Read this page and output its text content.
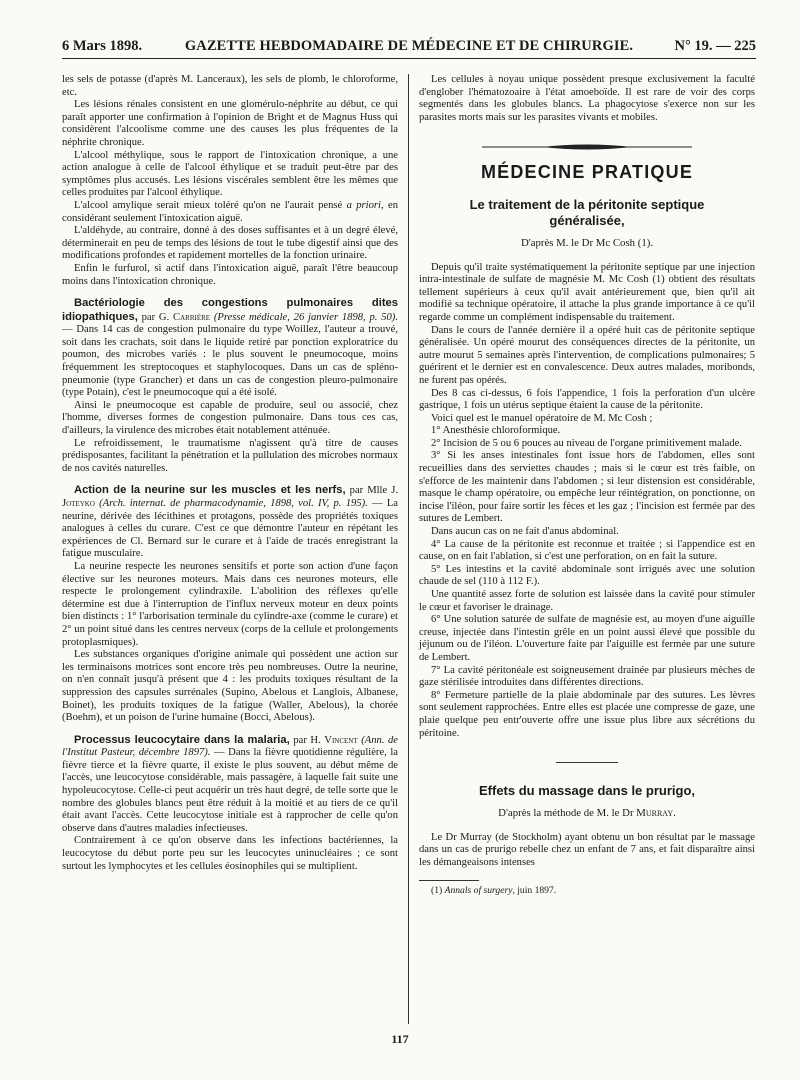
6 Mars 1898.	GAZETTE HEBDOMADAIRE DE MÉDECINE ET DE CHIRURGIE.	N° 19. — 225

les sels de potasse (d'après M. Lanceraux), les sels de plomb, le chloroforme, etc.

Les lésions rénales consistent en une glomérulo-néphrite au début, ce qui paraît apporter une confirmation à l'opinion de Bright et de Magnus Huss qui considèrent l'alcoolisme comme une des causes les plus fréquentes de la néphrite chronique.

L'alcool méthylique, sous le rapport de l'intoxication chronique, a une action analogue à celle de l'alcool éthylique et se traduit peut-être par des symptômes plus accusés. Les lésions viscérales semblent être les mêmes que celles produites par l'alcool éthylique.

L'alcool amylique serait mieux toléré qu'on ne l'aurait pensé a priori, en considérant seulement l'intoxication aiguë.

L'aldéhyde, au contraire, donné à des doses suffisantes et à un degré élevé, déterminerait en peu de temps des lésions de tout le tube digestif ainsi que des modifications profondes et rapidement mortelles de la fonction urinaire.

Enfin le furfurol, si actif dans l'intoxication aiguë, paraît l'être beaucoup moins dans l'intoxication chronique.

Bactériologie des congestions pulmonaires dites idiopathiques, par G. Carrière (Presse médicale, 26 janvier 1898, p. 50). — Dans 14 cas de congestion pulmonaire du type Woillez, l'auteur a trouvé, soit dans les crachats, soit dans le liquide retiré par ponction exploratrice du poumon, des microbes variés : le plus souvent le pneumocoque, moins fréquemment les streptocoques et staphylocoques. Dans un cas de spléno-pneumonie (type Grancher) et dans un cas de congestion pleuro-pulmonaire (type Potain), c'est le pneumocoque qui a été isolé.

Ainsi le pneumocoque est capable de produire, seul ou associé, chez l'homme, diverses formes de congestion pulmonaire. Dans tous ces cas, d'ailleurs, la virulence des microbes était notablement atténuée.

Le refroidissement, le traumatisme n'agissent qu'à titre de causes prédisposantes, facilitant la pénétration et la pullulation des microbes normaux de nos cavités naturelles.

Action de la neurine sur les muscles et les nerfs, par Mlle J. Joteyko (Arch. internat. de pharmacodynamie, 1898, vol. IV, p. 195). — La neurine, dérivée des lécithines et protagons, possède des propriétés toxiques analogues à celles du curare. C'est ce que démontre l'auteur en répétant les expériences de Cl. Bernard sur le curare et à l'aide de tracés enregistrant la fatigue musculaire.

La neurine respecte les neurones sensitifs et porte son action d'une façon élective sur les neurones moteurs. Mais dans ces neurones moteurs, elle respecte le prolongement cylindraxile. L'abolition des réflexes qu'elle détermine est due à l'interruption de l'influx nerveux moteur en deux points bien distincts : 1° l'arborisation terminale du cylindre-axe (comme le curare) et 2° un point situé dans les centres nerveux (corps de la cellule et prolongements protoplasmiques).

Les substances organiques d'origine animale qui possèdent une action sur les terminaisons motrices sont encore très peu nombreuses. Outre la neurine, on n'en connaît jusqu'à présent que 4 : les produits toxiques résultant de la suppression des capsules surrénales (Supino, Abelous et Langlois, Albanese, Boinet), les produits toxiques de la fatigue (Waller, Abelous), la chorée (Boehm), et un poison de l'urine humaine (Bocci, Abelous).

Processus leucocytaire dans la malaria, par H. Vincent (Ann. de l'Institut Pasteur, décembre 1897). — Dans la fièvre quotidienne régulière, la fièvre tierce et la fièvre quarte, il existe le plus souvent, au début même de l'accès, une leucocytose considérable, mais passagère, à laquelle fait suite une hypoleucocytose. Celle-ci peut acquérir un très haut degré, de telle sorte que le nombre des globules blancs peut être réduit à la moitié et au tiers de ce qu'il était avant l'accès. Cette leucocytose initiale est à rapprocher de celle qu'on observe dans d'autres maladies infectieuses.

Contrairement à ce qu'on observe dans les infections bactériennes, la leucocytose du début porte peu sur les leucocytes uninucléaires ; ce sont surtout les lymphocytes et les cellules éosinophiles qui se multiplient.

Les cellules à noyau unique possèdent presque exclusivement la faculté d'englober l'hématozoaire à l'état amoeboïde. Il est rare de voir des corps segmentés dans les globules blancs. La phagocytose s'exerce non sur les parasites morts mais sur les parasites vivants et mobiles.

MÉDECINE PRATIQUE
Le traitement de la péritonite septique généralisée,

D'après M. le Dr Mc Cosh (1).

Depuis qu'il traite systématiquement la péritonite septique par une injection intra-intestinale de sulfate de magnésie M. Mc Cosh (1) obtient des résultats tellement supérieurs à ceux qu'il avait antérieurement que, bien qu'il ait modifié sa technique opératoire, il attache la plus grande importance à ce qu'il regarde comme un complément indispensable du traitement.

Dans le cours de l'année dernière il a opéré huit cas de péritonite septique généralisée. Un opéré mourut des conséquences directes de la péritonite, un autre mourut 5 semaines après l'intervention, de complications pulmonaires; 5 guérirent et le dernier est en convalescence. Deux autres malades, moribonds, ne furent pas opérés.

Des 8 cas ci-dessus, 6 fois l'appendice, 1 fois la perforation d'un ulcère gastrique, 1 fois un utérus septique étaient la cause de la péritonite.

Voici quel est le manuel opératoire de M. Mc Cosh ;

1° Anesthésie chloroformique.

2° Incision de 5 ou 6 pouces au niveau de l'organe primitivement malade.

3° Si les anses intestinales font issue hors de l'abdomen, elles sont recueillies dans des serviettes chaudes ; mais si le cœur est très faible, on s'efforce de les maintenir dans l'abdomen ; si leur distension est considérable, masque le champ opératoire, ou empêche leur réintégration, on ponctionne, on incise l'iléon, pour faire sortir les fèces et les gaz ; l'incision est fermée par des sutures de Lembert.

Dans aucun cas on ne fait d'anus abdominal.

4° La cause de la péritonite est reconnue et traitée ; si l'appendice est en cause, on en fait l'ablation, si c'est une perforation, on en fait la suture.

5° Les intestins et la cavité abdominale sont irrigués avec une solution chaude de sel (110 à 112 F.).

Une quantité assez forte de solution est laissée dans la cavité pour stimuler le cœur et favoriser le drainage.

6° Une solution saturée de sulfate de magnésie est, au moyen d'une aiguille creuse, injectée dans l'intestin grêle en un point aussi élevé que possible du jéjunum ou de l'iléon. L'ouverture faite par l'aiguille est fermée par une suture de Lembert.

7° La cavité péritonéale est soigneusement drainée par plusieurs mèches de gaze stérilisée introduites dans différentes directions.

8° Fermeture partielle de la plaie abdominale par des sutures. Les lèvres sont seulement rapprochées. Entre elles est placée une compresse de gaze, une plaie quelque peu entr'ouverte offre une issue plus libre aux sécrétions du péritoine.

Effets du massage dans le prurigo,

D'après la méthode de M. le Dr Murray.

Le Dr Murray (de Stockholm) ayant obtenu un bon résultat par le massage dans un cas de prurigo rebelle chez un enfant de 7 ans, et fait disparaître ainsi les démangeaisons intenses

(1) Annals of surgery, juin 1897.

117
